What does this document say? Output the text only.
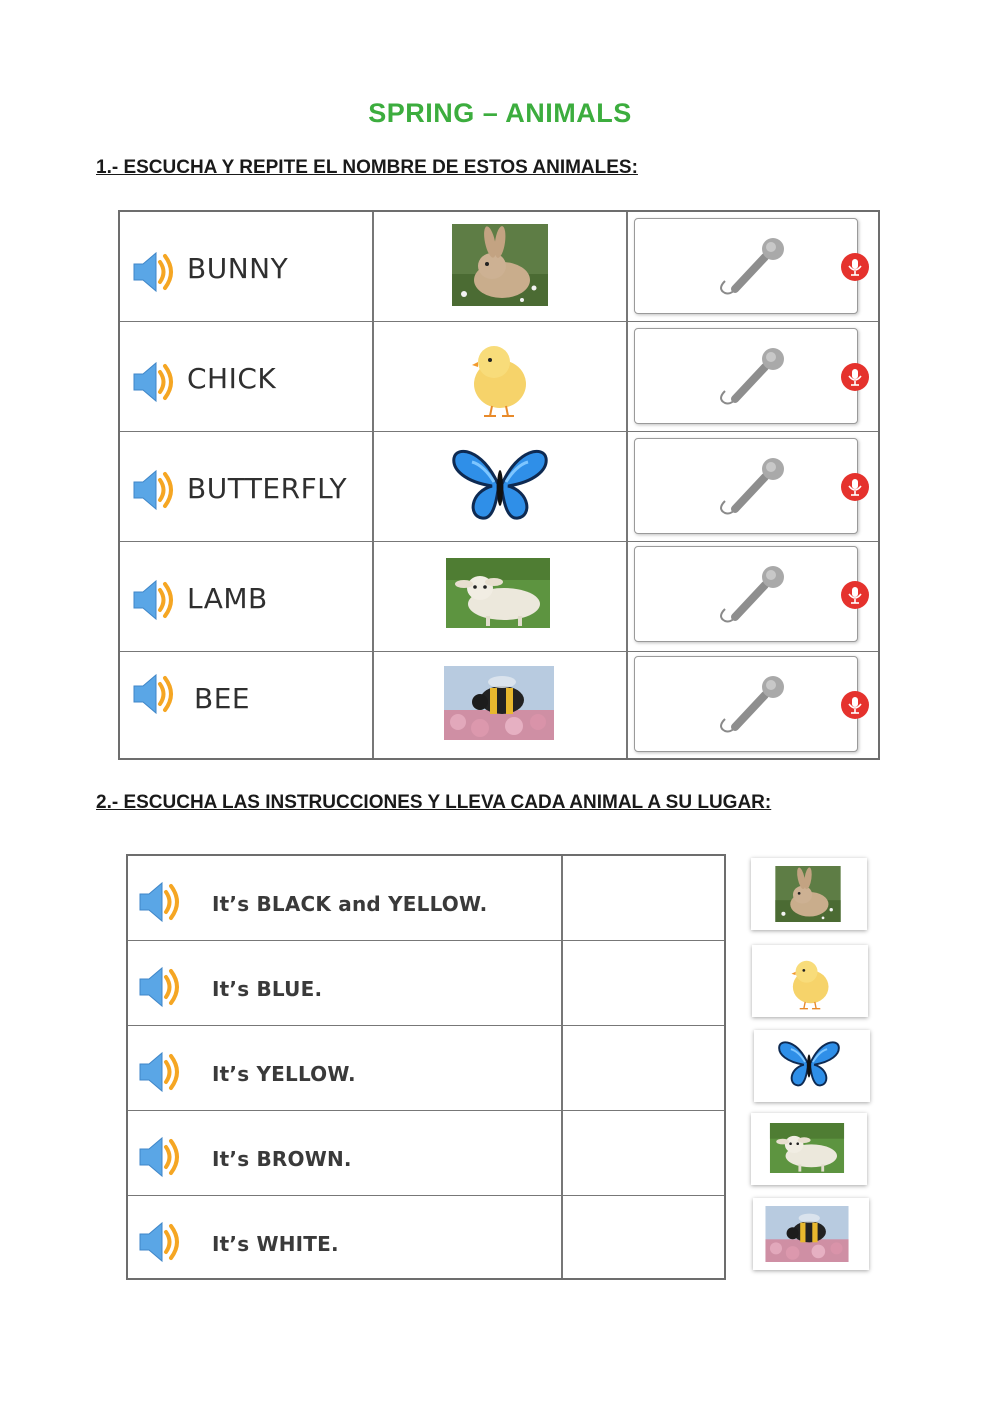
SPRING – ANIMALS
1.- ESCUCHA Y REPITE EL NOMBRE DE ESTOS ANIMALES:
BUNNY
CHICK
BUTTERFLY
LAMB
BEE
2.- ESCUCHA LAS INSTRUCCIONES Y LLEVA CADA ANIMAL A SU LUGAR:
It’s BLACK and YELLOW.
It’s BLUE.
It’s YELLOW.
It’s BROWN.
It’s WHITE.
